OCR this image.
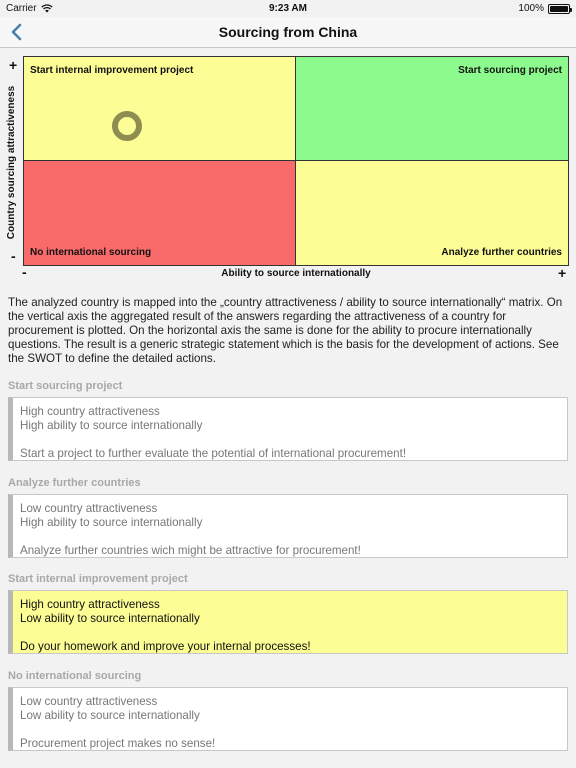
Carrier	9:23 AM	100%
Sourcing from China
+
-
Country sourcing attractiveness
Start internal improvement project	Start sourcing project
No international sourcing	Analyze further countries
-	Ability to source internationally	+
The analyzed country is mapped into the „country attractiveness / ability to source internationally“ matrix. On the vertical axis the aggregated result of the answers regarding the attractiveness of a country for procurement is plotted. On the horizontal axis the same is done for the ability to procure internationally questions. The result is a generic strategic statement which is the basis for the development of actions. See the SWOT to define the detailed actions.
Start sourcing project
High country attractiveness
High ability to source internationally
Start a project to further evaluate the potential of international procurement!
Analyze further countries
Low country attractiveness
High ability to source internationally
Analyze further countries wich might be attractive for procurement!
Start internal improvement project
High country attractiveness
Low ability to source internationally
Do your homework and improve your internal processes!
No international sourcing
Low country attractiveness
Low ability to source internationally
Procurement project makes no sense!
